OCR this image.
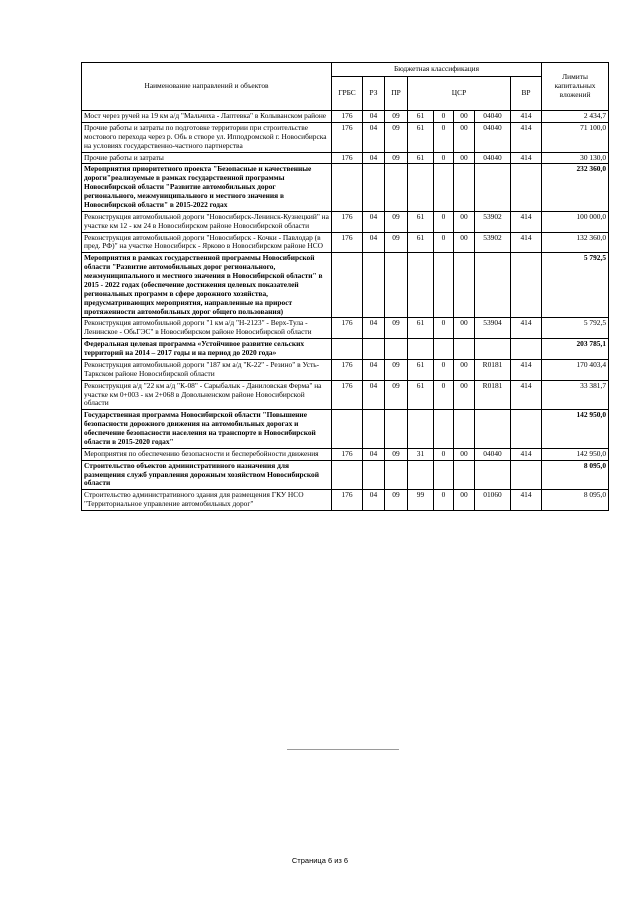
Наименование направлений и объектов	Бюджетная классификация								Лимиты капитальных вложений
	ГРБС	РЗ	ПР	ЦСР				ВР	
Мост через ручей на 19 км а/д "Мальчиха - Лаптевка" в Колыванском районе	176	04	09	61	0	00	04040	414	2 434,7
Прочие работы и затраты по подготовке территории при строительстве мостового перехода через р. Обь в створе ул. Ипподромской г. Новосибирска на условиях государственно-частного партнерства	176	04	09	61	0	00	04040	414	71 100,0
Прочие работы и затраты	176	04	09	61	0	00	04040	414	30 130,0
Мероприятия приоритетного проекта "Безопасные и качественные дороги"реализуемые в рамках государственной программы Новосибирской области "Развитие автомобильных дорог регионального, межмуниципального и местного значения в Новосибирской области" в 2015-2022 годах									232 360,0
Реконструкция автомобильной дороги "Новосибирск-Ленинск-Кузнецкий" на участке км 12 - км 24 в Новосибирском районе Новосибирской области	176	04	09	61	0	00	53902	414	100 000,0
Реконструкция автомобильной дороги "Новосибирск - Кочки - Павлодар (в пред. РФ)" на участке Новосибирск - Ярково в Новосибирском районе НСО	176	04	09	61	0	00	53902	414	132 360,0
Мероприятия в рамках государственной программы Новосибирской области "Развитие автомобильных дорог регионального, межмуниципального и местного значения в Новосибирской области" в 2015 - 2022 годах (обеспечение достижения целевых показателей региональных программ в сфере дорожного хозяйства, предусматривающих мероприятия, направленные на прирост протяженности автомобильных дорог общего пользования)									5 792,5
Реконструкция автомобильной дороги "1 км а/д "Н-2123" - Верх-Тула - Ленинское - ОбьГЭС" в Новосибирском районе Новосибирской области	176	04	09	61	0	00	53904	414	5 792,5
Федеральная целевая программа «Устойчивое развитие сельских территорий на 2014 – 2017 годы и на период до 2020 года»									203 785,1
Реконструкция автомобильной дороги "187 км а/д "К-22" - Резино" в Усть-Таркском районе Новосибирской области	176	04	09	61	0	00	R0181	414	170 403,4
Реконструкция а/д "22 км а/д "К-08" - Сарыбалык - Даниловская Ферма" на участке км 0+003 - км 2+068 в Довольненском районе Новосибирской области	176	04	09	61	0	00	R0181	414	33 381,7
Государственная программа Новосибирской области "Повышение безопасности дорожного движения на автомобильных дорогах и обеспечение безопасности населения на транспорте в Новосибирской области в 2015-2020 годах"									142 950,0
Мероприятия по обеспечению безопасности и бесперебойности движения	176	04	09	31	0	00	04040	414	142 950,0
Строительство объектов административного назначения для размещения служб управления дорожным хозяйством Новосибирской области									8 095,0
Строительство административного здания для размещения ГКУ НСО "Территориальное управление автомобильных дорог"	176	04	09	99	0	00	01060	414	8 095,0
Страница 6 из 6
